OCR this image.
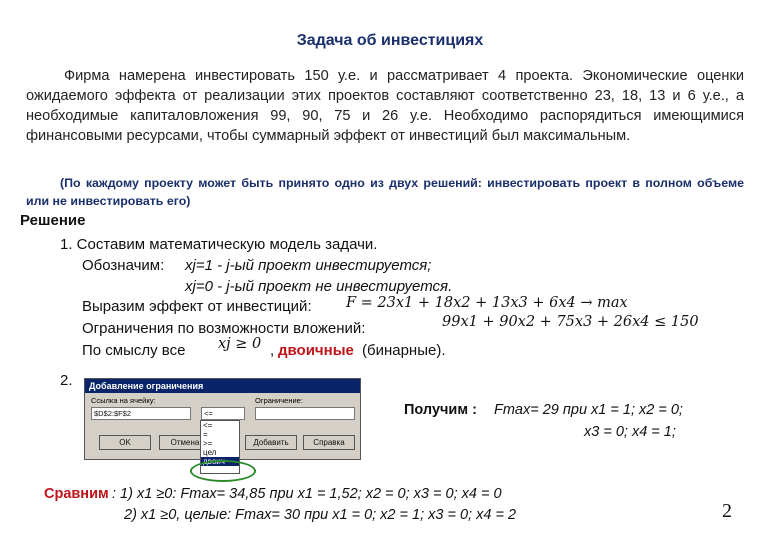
Задача об инвестициях

Фирма намерена инвестировать 150 у.е. и рассматривает 4 проекта. Экономические оценки ожидаемого эффекта от реализации этих проектов составляют соответственно 23, 18, 13 и 6 у.е., а необходимые капиталовложения 99, 90, 75 и 26 у.е. Необходимо распорядиться имеющимися финансовыми ресурсами, чтобы суммарный эффект от инвестиций был максимальным.

(По каждому проекту может быть принято одно из двух решений: инвестировать проект в полном объеме или не инвестировать его)

Решение
1. Составим математическую модель задачи.
Обозначим: xj=1 - j-ый проект инвестируется;
xj=0 - j-ый проект не инвестируется.
Выразим эффект от инвестиций: F = 23x1 + 18x2 + 13x3 + 6x4 → max
Ограничения по возможности вложений:	99x1 + 90x2 + 75x3 + 26x4 ≤ 150
По смыслу все xj ≥ 0 , двоичные (бинарные).
2.	Добавление ограничения
Ссылка на ячейку:
$D$2:$F$2	<=
Ограничение:
OK	Отмена	Добавить	Справка
<=
=
>=
цел
двоич
Получим : Fmax= 29 при x1 = 1; x2 = 0;
x3 = 0; x4 = 1;
Сравним : 1) x1 ≥0: Fmax= 34,85 при x1 = 1,52; x2 = 0; x3 = 0; x4 = 0
2) x1 ≥0, целые: Fmax= 30 при x1 = 0; x2 = 1; x3 = 0; x4 = 2	2
